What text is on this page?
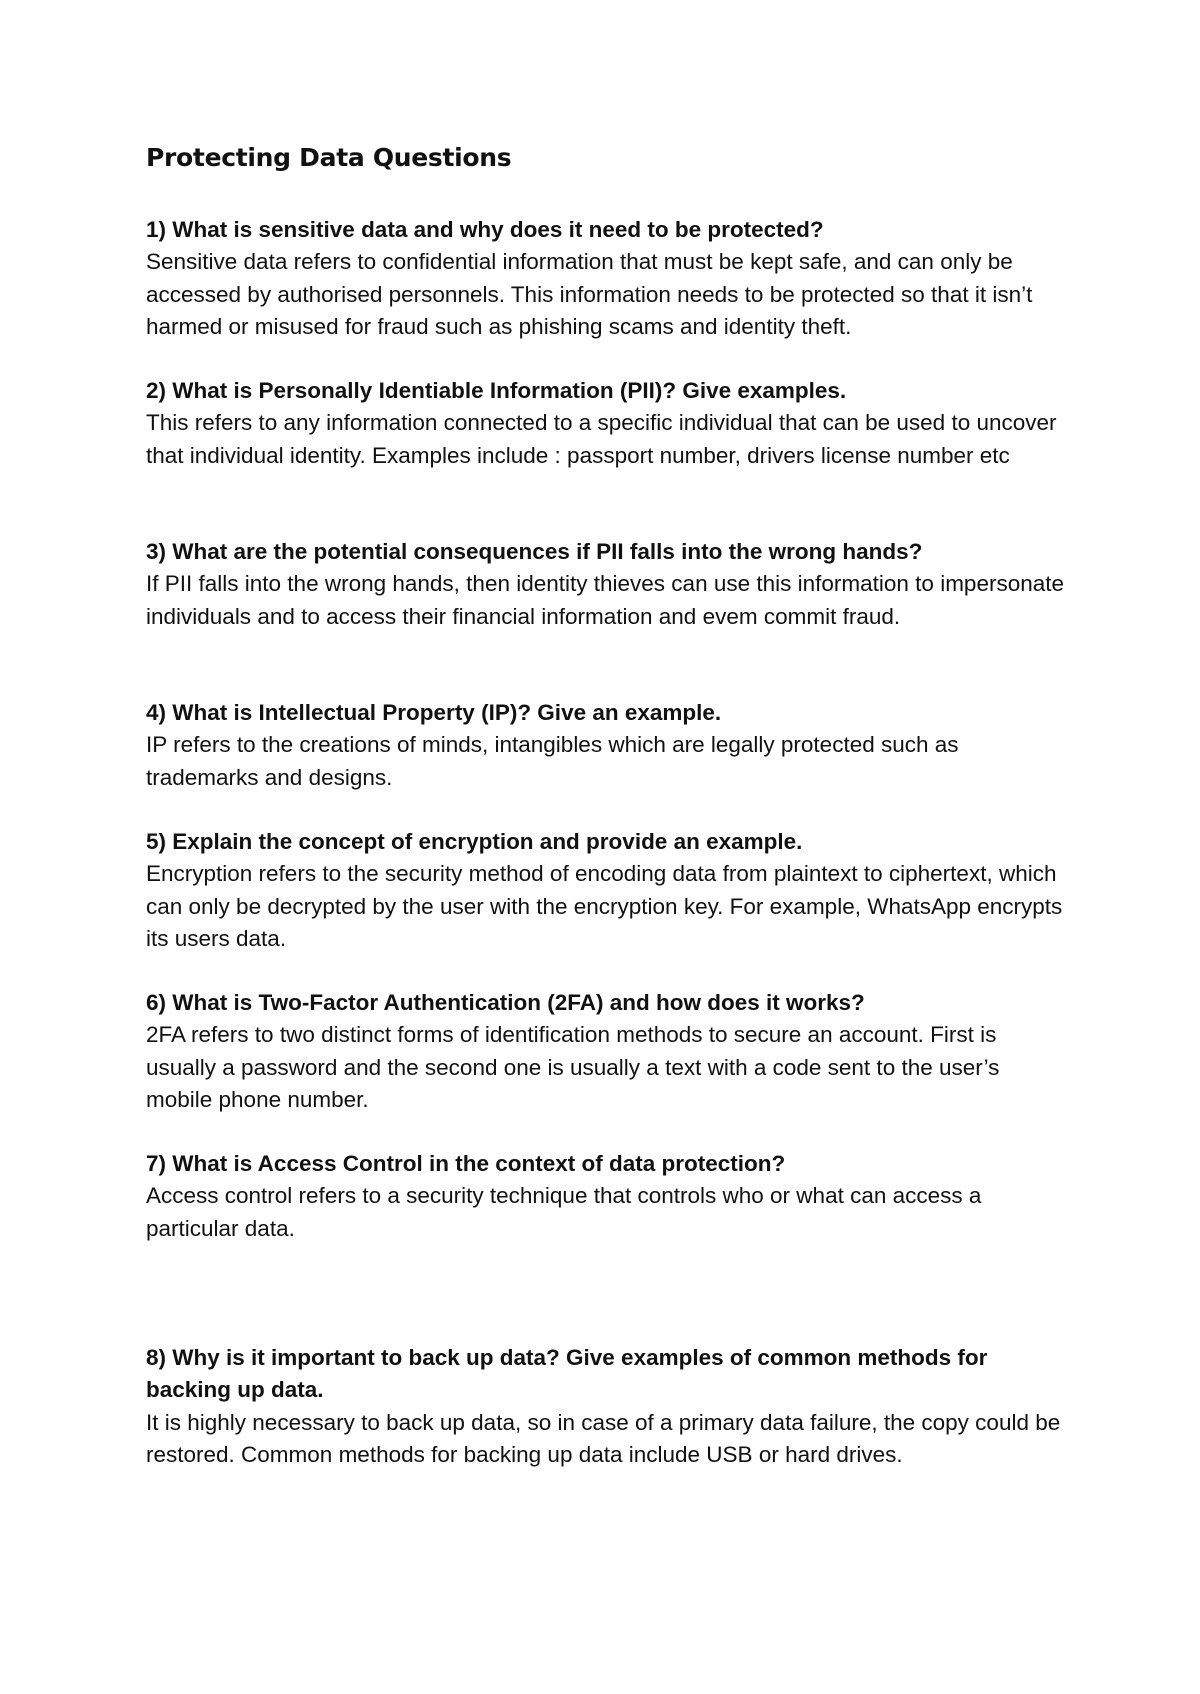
Protecting Data Questions

1) What is sensitive data and why does it need to be protected?

Sensitive data refers to confidential information that must be kept safe, and can only be accessed by authorised personnels. This information needs to be protected so that it isn’t harmed or misused for fraud such as phishing scams and identity theft.

2) What is Personally Identiable Information (PII)? Give examples.

This refers to any information connected to a specific individual that can be used to uncover that individual identity. Examples include : passport number, drivers license number etc

3) What are the potential consequences if PII falls into the wrong hands?

If PII falls into the wrong hands, then identity thieves can use this information to impersonate individuals and to access their financial information and evem commit fraud.

4) What is Intellectual Property (IP)? Give an example.

IP refers to the creations of minds, intangibles which are legally protected such as trademarks and designs.

5) Explain the concept of encryption and provide an example.

Encryption refers to the security method of encoding data from plaintext to ciphertext, which can only be decrypted by the user with the encryption key. For example, WhatsApp encrypts its users data.

6) What is Two-Factor Authentication (2FA) and how does it works?

2FA refers to two distinct forms of identification methods to secure an account. First is usually a password and the second one is usually a text with a code sent to the user’s mobile phone number.

7) What is Access Control in the context of data protection?

Access control refers to a security technique that controls who or what can access a particular data.

8) Why is it important to back up data? Give examples of common methods for backing up data.

It is highly necessary to back up data, so in case of a primary data failure, the copy could be restored. Common methods for backing up data include USB or hard drives.
